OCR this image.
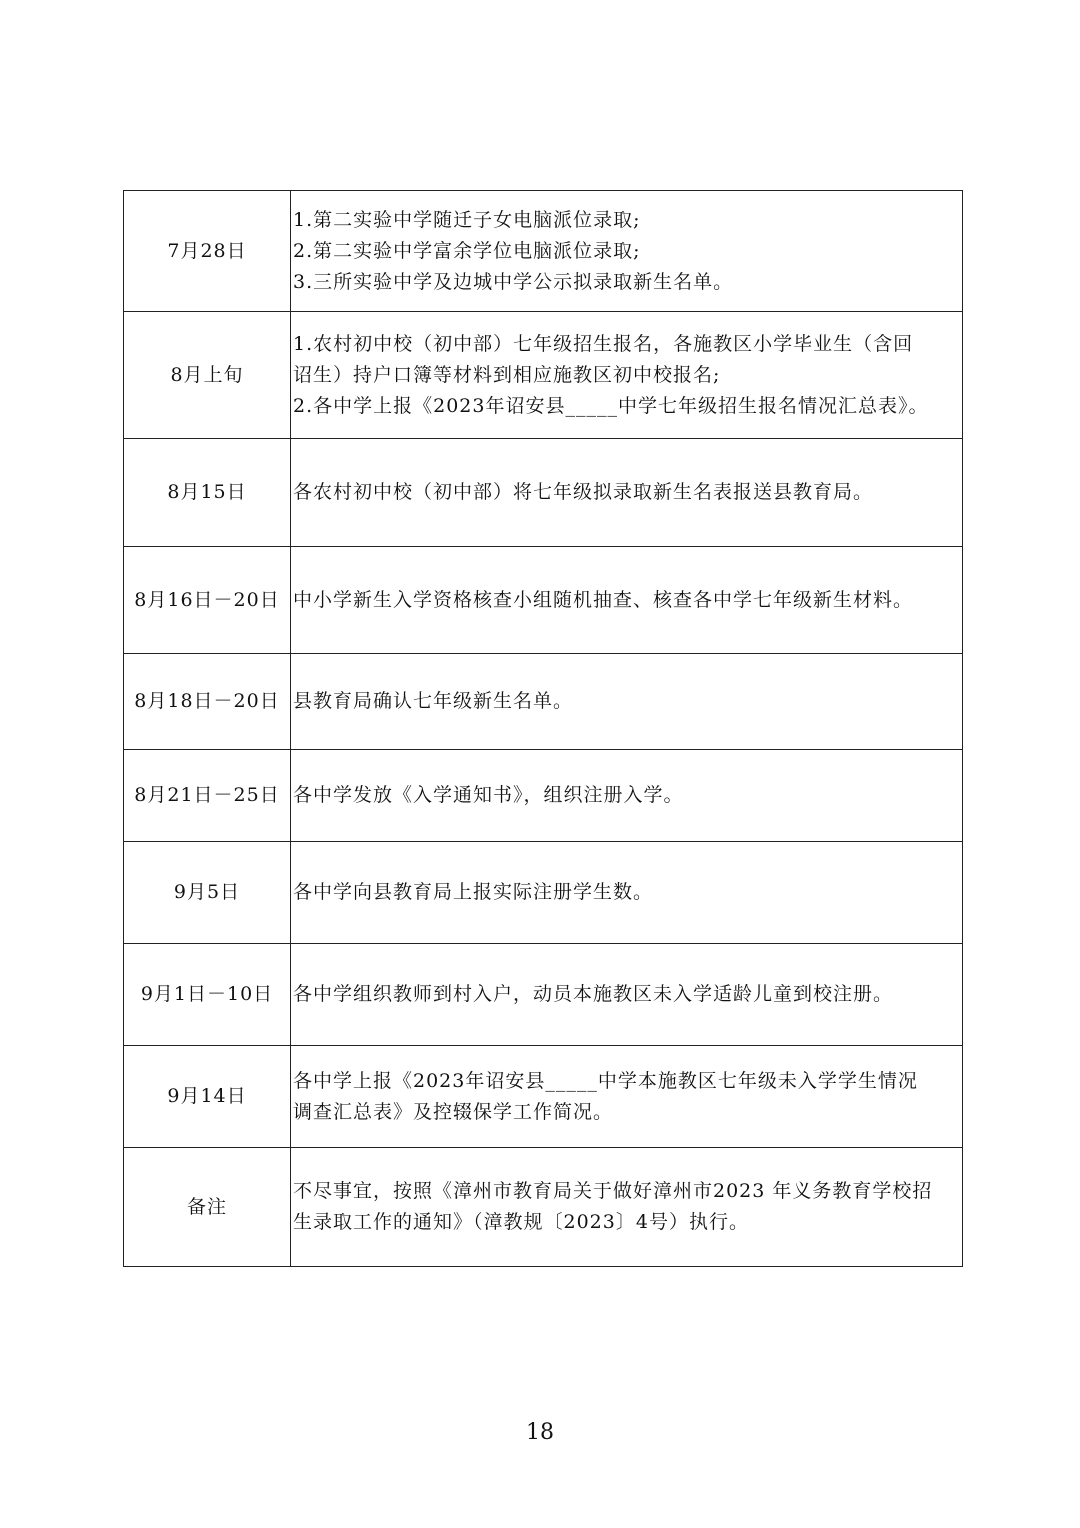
7月28日	1.第二实验中学随迁子女电脑派位录取;
2.第二实验中学富余学位电脑派位录取;
3.三所实验中学及边城中学公示拟录取新生名单。

8月上旬	1.农村初中校（初中部）七年级招生报名，各施教区小学毕业生（含回
诏生）持户口簿等材料到相应施教区初中校报名;
2.各中学上报《2023年诏安县_____中学七年级招生报名情况汇总表》。

8月15日	各农村初中校（初中部）将七年级拟录取新生名表报送县教育局。

8月16日－20日	中小学新生入学资格核查小组随机抽查、核查各中学七年级新生材料。

8月18日－20日	县教育局确认七年级新生名单。

8月21日－25日	各中学发放《入学通知书》，组织注册入学。

9月5日	各中学向县教育局上报实际注册学生数。

9月1日－10日	各中学组织教师到村入户，动员本施教区未入学适龄儿童到校注册。

9月14日	各中学上报《2023年诏安县_____中学本施教区七年级未入学学生情况
调查汇总表》及控辍保学工作简况。

备注	不尽事宜，按照《漳州市教育局关于做好漳州市2023 年义务教育学校招
生录取工作的通知》（漳教规〔2023〕4号）执行。
18
